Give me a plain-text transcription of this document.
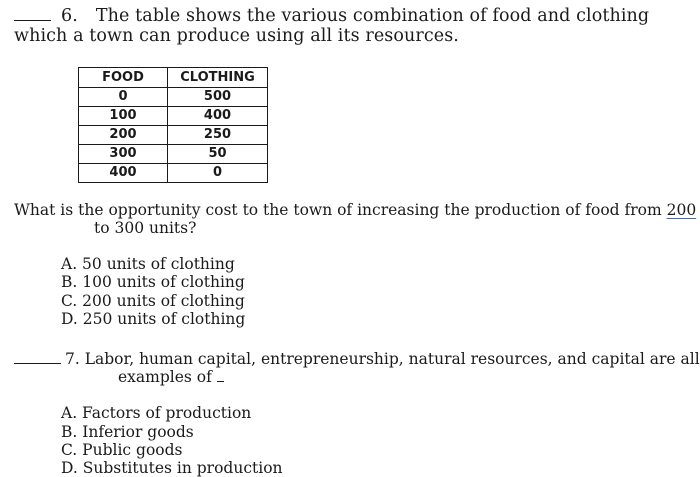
6. The table shows the various combination of food and clothing
which a town can produce using all its resources.
FOOD	CLOTHING
0	500
100	400
200	250
300	50
400	0
What is the opportunity cost to the town of increasing the production of food from 200
to 300 units?
A. 50 units of clothing
B. 100 units of clothing
C. 200 units of clothing
D. 250 units of clothing
7. Labor, human capital, entrepreneurship, natural resources, and capital are all
examples of
A. Factors of production
B. Inferior goods
C. Public goods
D. Substitutes in production
